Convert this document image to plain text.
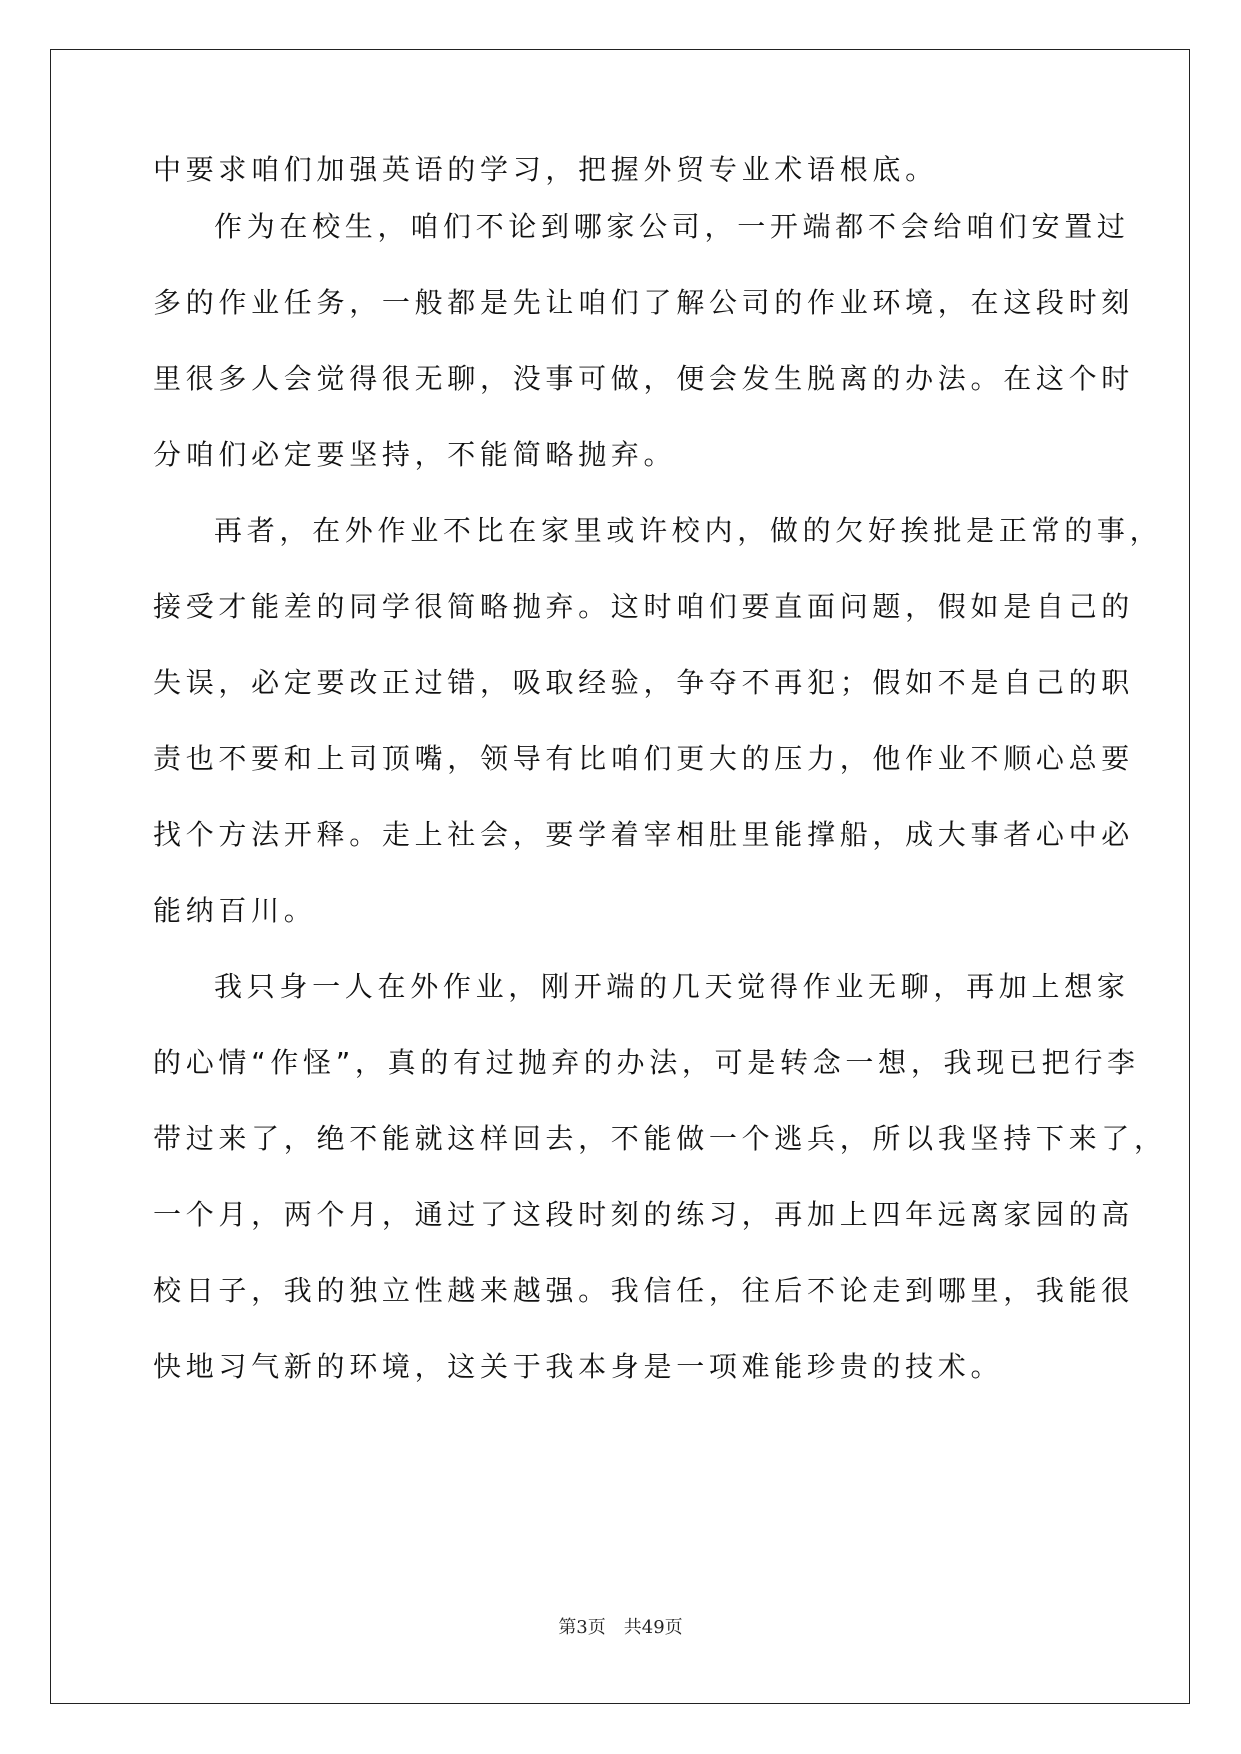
中要求咱们加强英语的学习，把握外贸专业术语根底。
作为在校生，咱们不论到哪家公司，一开端都不会给咱们安置过
多的作业任务，一般都是先让咱们了解公司的作业环境，在这段时刻
里很多人会觉得很无聊，没事可做，便会发生脱离的办法。在这个时
分咱们必定要坚持，不能简略抛弃。
再者，在外作业不比在家里或许校内，做的欠好挨批是正常的事，
接受才能差的同学很简略抛弃。这时咱们要直面问题，假如是自己的
失误，必定要改正过错，吸取经验，争夺不再犯；假如不是自己的职
责也不要和上司顶嘴，领导有比咱们更大的压力，他作业不顺心总要
找个方法开释。走上社会，要学着宰相肚里能撑船，成大事者心中必
能纳百川。
我只身一人在外作业，刚开端的几天觉得作业无聊，再加上想家
的心情“作怪”，真的有过抛弃的办法，可是转念一想，我现已把行李
带过来了，绝不能就这样回去，不能做一个逃兵，所以我坚持下来了，
一个月，两个月，通过了这段时刻的练习，再加上四年远离家园的高
校日子，我的独立性越来越强。我信任，往后不论走到哪里，我能很
快地习气新的环境，这关于我本身是一项难能珍贵的技术。
第3页 共49页
